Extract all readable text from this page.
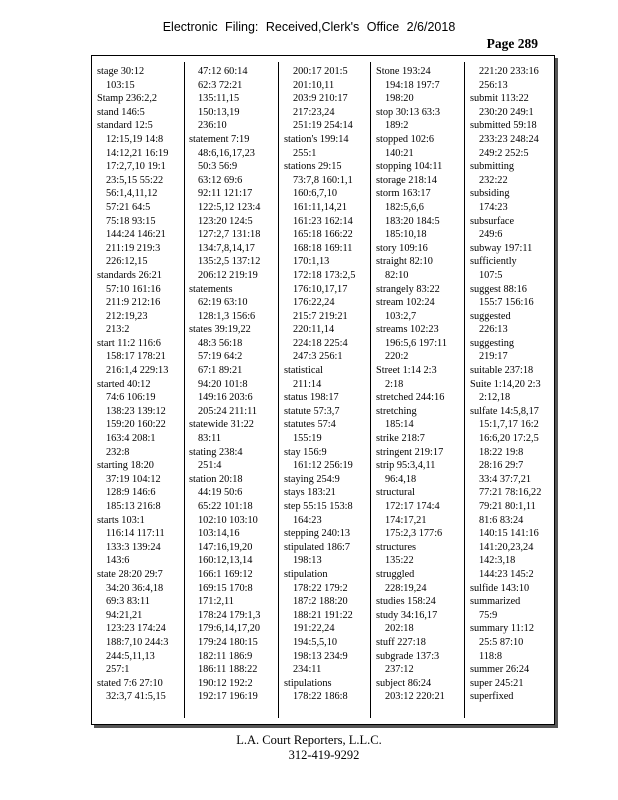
Electronic Filing: Received,Clerk's Office 2/6/2018
Page 289
stage 30:12
103:15
Stamp 236:2,2
stand 146:5
standard 12:5
12:15,19 14:8
14:12,21 16:19
17:2,7,10 19:1
23:5,15 55:22
56:1,4,11,12
57:21 64:5
75:18 93:15
144:24 146:21
211:19 219:3
226:12,15
standards 26:21
57:10 161:16
211:9 212:16
212:19,23
213:2
start 11:2 116:6
158:17 178:21
216:1,4 229:13
started 40:12
74:6 106:19
138:23 139:12
159:20 160:22
163:4 208:1
232:8
starting 18:20
37:19 104:12
128:9 146:6
185:13 216:8
starts 103:1
116:14 117:11
133:3 139:24
143:6
state 28:20 29:7
34:20 36:4,18
69:3 83:11
94:21,21
123:23 174:24
188:7,10 244:3
244:5,11,13
257:1
stated 7:6 27:10
32:3,7 41:5,15
47:12 60:14
62:3 72:21
135:11,15
150:13,19
236:10
statement 7:19
48:6,16,17,23
50:3 56:9
63:12 69:6
92:11 121:17
122:5,12 123:4
123:20 124:5
127:2,7 131:18
134:7,8,14,17
135:2,5 137:12
206:12 219:19
statements
62:19 63:10
128:1,3 156:6
states 39:19,22
48:3 56:18
57:19 64:2
67:1 89:21
94:20 101:8
149:16 203:6
205:24 211:11
statewide 31:22
83:11
stating 238:4
251:4
station 20:18
44:19 50:6
65:22 101:18
102:10 103:10
103:14,16
147:16,19,20
160:12,13,14
166:1 169:12
169:15 170:8
171:2,11
178:24 179:1,3
179:6,14,17,20
179:24 180:15
182:11 186:9
186:11 188:22
190:12 192:2
192:17 196:19
200:17 201:5
201:10,11
203:9 210:17
217:23,24
251:19 254:14
station's 199:14
255:1
stations 29:15
73:7,8 160:1,1
160:6,7,10
161:11,14,21
161:23 162:14
165:18 166:22
168:18 169:11
170:1,13
172:18 173:2,5
176:10,17,17
176:22,24
215:7 219:21
220:11,14
224:18 225:4
247:3 256:1
statistical
211:14
status 198:17
statute 57:3,7
statutes 57:4
155:19
stay 156:9
161:12 256:19
staying 254:9
stays 183:21
step 55:15 153:8
164:23
stepping 240:13
stipulated 186:7
198:13
stipulation
178:22 179:2
187:2 188:20
188:21 191:22
191:22,24
194:5,5,10
198:13 234:9
234:11
stipulations
178:22 186:8
Stone 193:24
194:18 197:7
198:20
stop 30:13 63:3
189:2
stopped 102:6
140:21
stopping 104:11
storage 218:14
storm 163:17
182:5,6,6
183:20 184:5
185:10,18
story 109:16
straight 82:10
82:10
strangely 83:22
stream 102:24
103:2,7
streams 102:23
196:5,6 197:11
220:2
Street 1:14 2:3
2:18
stretched 244:16
stretching
185:14
strike 218:7
stringent 219:17
strip 95:3,4,11
96:4,18
structural
172:17 174:4
174:17,21
175:2,3 177:6
structures
135:22
struggled
228:19,24
studies 158:24
study 34:16,17
202:18
stuff 227:18
subgrade 137:3
237:12
subject 86:24
203:12 220:21
221:20 233:16
256:13
submit 113:22
230:20 249:1
submitted 59:18
233:23 248:24
249:2 252:5
submitting
232:22
subsiding
174:23
subsurface
249:6
subway 197:11
sufficiently
107:5
suggest 88:16
155:7 156:16
suggested
226:13
suggesting
219:17
suitable 237:18
Suite 1:14,20 2:3
2:12,18
sulfate 14:5,8,17
15:1,7,17 16:2
16:6,20 17:2,5
18:22 19:8
28:16 29:7
33:4 37:7,21
77:21 78:16,22
79:21 80:1,11
81:6 83:24
140:15 141:16
141:20,23,24
142:3,18
144:23 145:2
sulfide 143:10
summarized
75:9
summary 11:12
25:5 87:10
118:8
summer 26:24
super 245:21
superfixed
L.A. Court Reporters, L.L.C.
312-419-9292
